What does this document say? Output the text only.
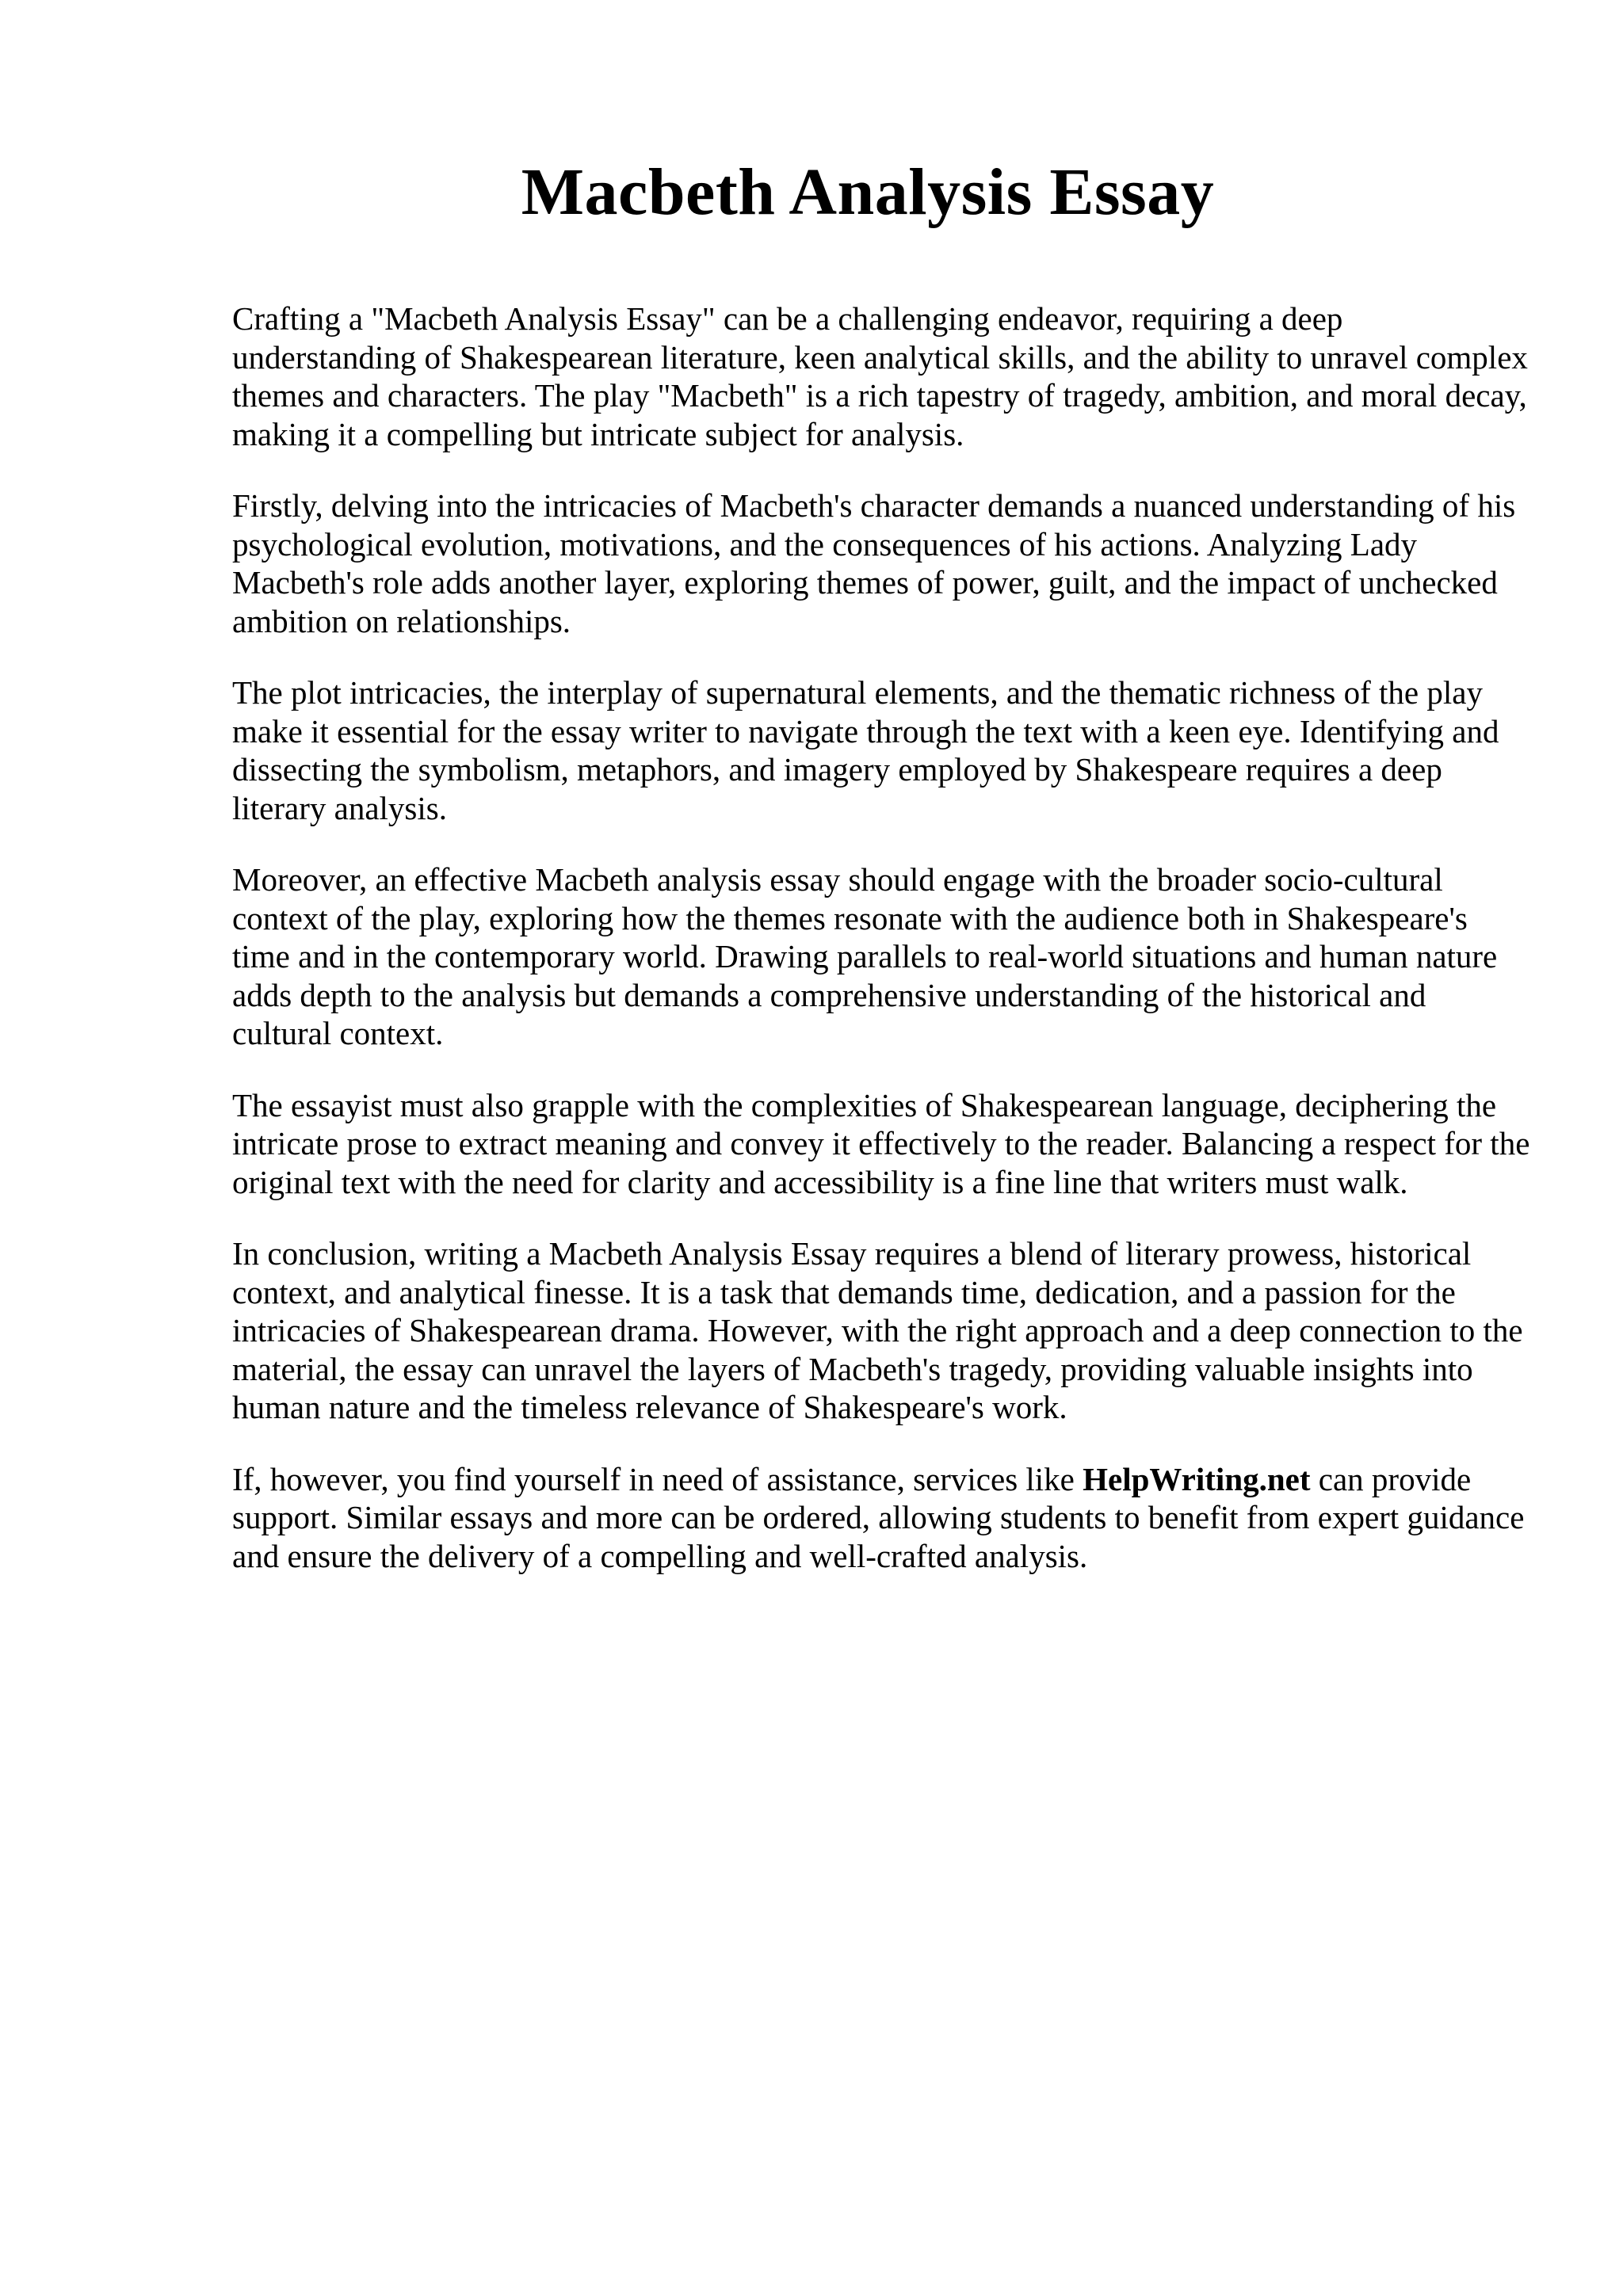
Macbeth Analysis Essay

Crafting a "Macbeth Analysis Essay" can be a challenging endeavor, requiring a deep understanding of Shakespearean literature, keen analytical skills, and the ability to unravel complex themes and characters. The play "Macbeth" is a rich tapestry of tragedy, ambition, and moral decay, making it a compelling but intricate subject for analysis.

Firstly, delving into the intricacies of Macbeth's character demands a nuanced understanding of his psychological evolution, motivations, and the consequences of his actions. Analyzing Lady Macbeth's role adds another layer, exploring themes of power, guilt, and the impact of unchecked ambition on relationships.

The plot intricacies, the interplay of supernatural elements, and the thematic richness of the play make it essential for the essay writer to navigate through the text with a keen eye. Identifying and dissecting the symbolism, metaphors, and imagery employed by Shakespeare requires a deep literary analysis.

Moreover, an effective Macbeth analysis essay should engage with the broader socio-cultural context of the play, exploring how the themes resonate with the audience both in Shakespeare's time and in the contemporary world. Drawing parallels to real-world situations and human nature adds depth to the analysis but demands a comprehensive understanding of the historical and cultural context.

The essayist must also grapple with the complexities of Shakespearean language, deciphering the intricate prose to extract meaning and convey it effectively to the reader. Balancing a respect for the original text with the need for clarity and accessibility is a fine line that writers must walk.

In conclusion, writing a Macbeth Analysis Essay requires a blend of literary prowess, historical context, and analytical finesse. It is a task that demands time, dedication, and a passion for the intricacies of Shakespearean drama. However, with the right approach and a deep connection to the material, the essay can unravel the layers of Macbeth's tragedy, providing valuable insights into human nature and the timeless relevance of Shakespeare's work.

If, however, you find yourself in need of assistance, services like HelpWriting.net can provide support. Similar essays and more can be ordered, allowing students to benefit from expert guidance and ensure the delivery of a compelling and well-crafted analysis.
